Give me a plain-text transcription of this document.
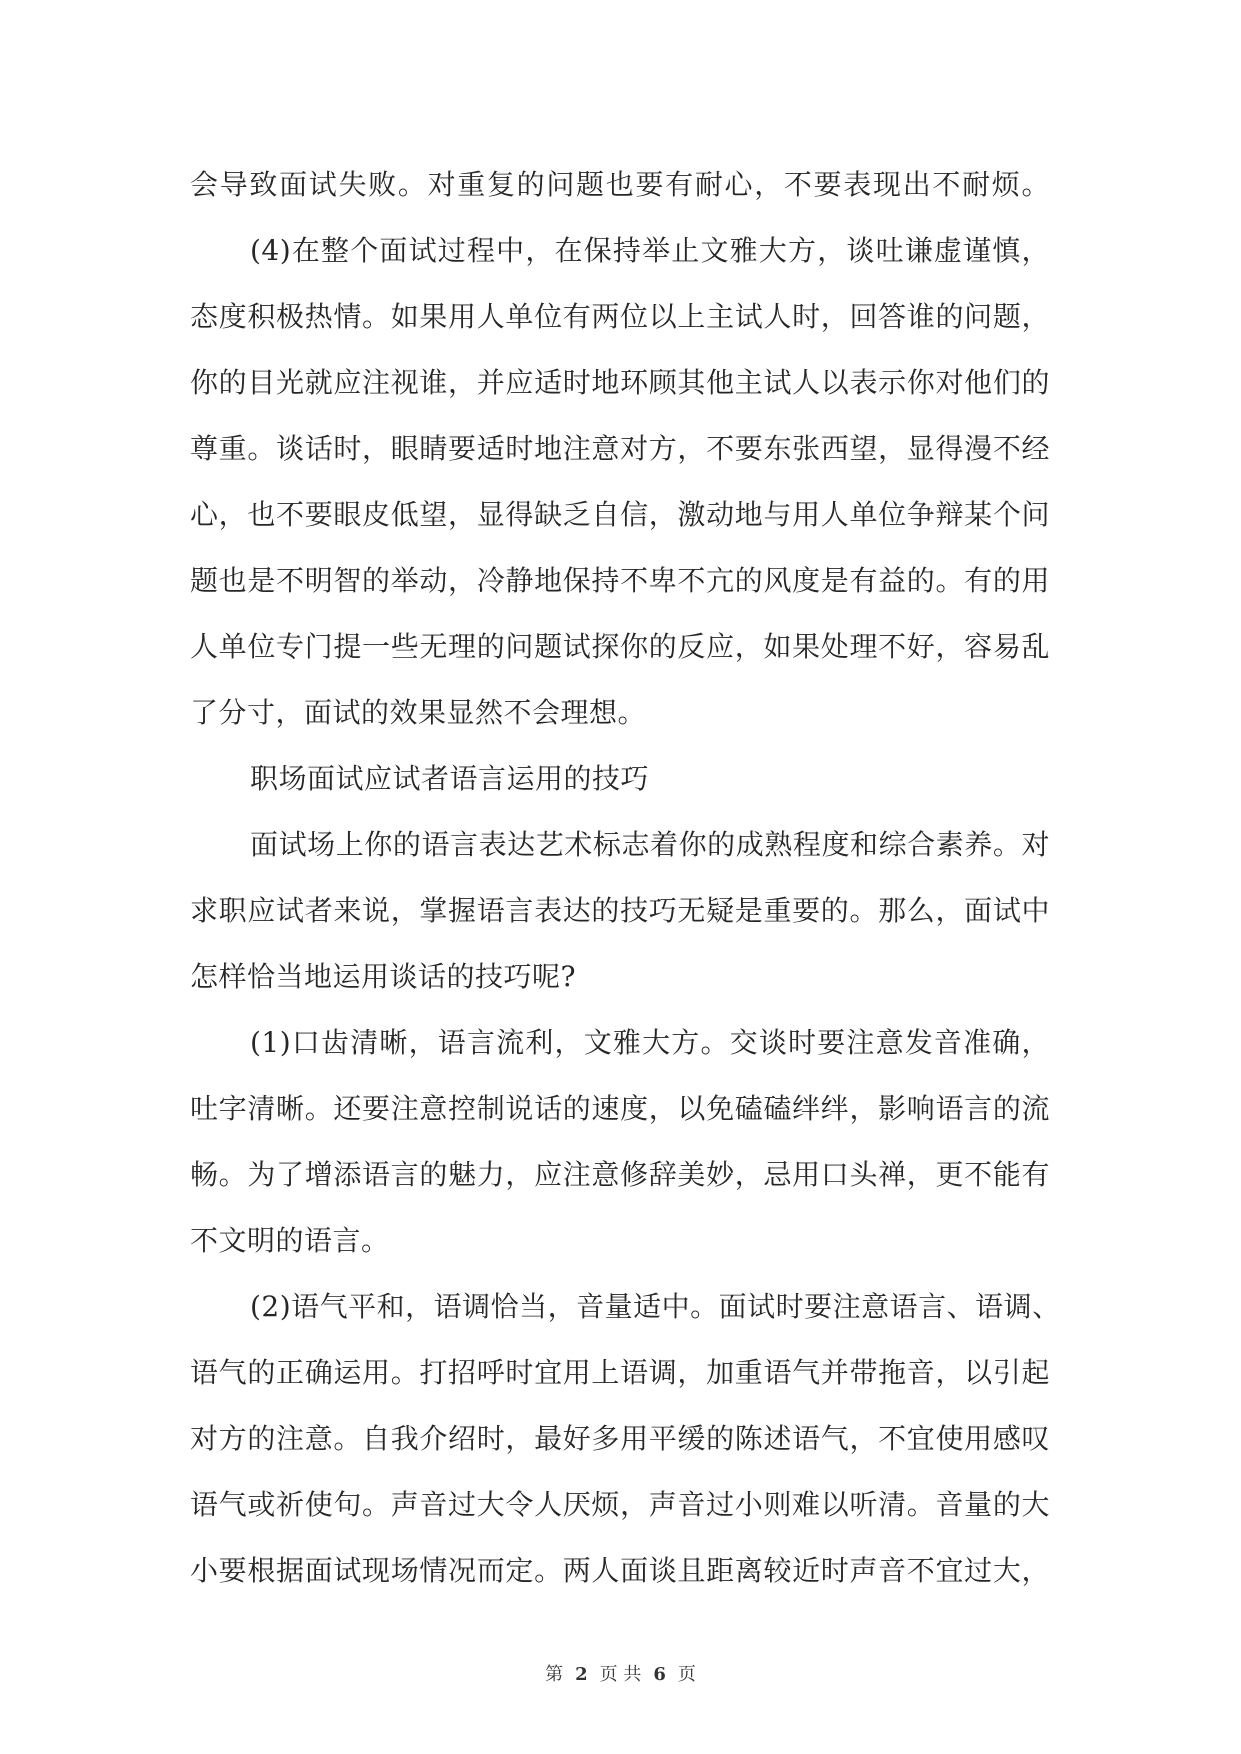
会导致面试失败。对重复的问题也要有耐心，不要表现出不耐烦。
(4)在整个面试过程中，在保持举止文雅大方，谈吐谦虚谨慎，
态度积极热情。如果用人单位有两位以上主试人时，回答谁的问题，
你的目光就应注视谁，并应适时地环顾其他主试人以表示你对他们的
尊重。谈话时，眼睛要适时地注意对方，不要东张西望，显得漫不经
心，也不要眼皮低望，显得缺乏自信，激动地与用人单位争辩某个问
题也是不明智的举动，冷静地保持不卑不亢的风度是有益的。有的用
人单位专门提一些无理的问题试探你的反应，如果处理不好，容易乱
了分寸，面试的效果显然不会理想。
职场面试应试者语言运用的技巧
面试场上你的语言表达艺术标志着你的成熟程度和综合素养。对
求职应试者来说，掌握语言表达的技巧无疑是重要的。那么，面试中
怎样恰当地运用谈话的技巧呢?
(1)口齿清晰，语言流利，文雅大方。交谈时要注意发音准确，
吐字清晰。还要注意控制说话的速度，以免磕磕绊绊，影响语言的流
畅。为了增添语言的魅力，应注意修辞美妙，忌用口头禅，更不能有
不文明的语言。
(2)语气平和，语调恰当，音量适中。面试时要注意语言、语调、
语气的正确运用。打招呼时宜用上语调，加重语气并带拖音，以引起
对方的注意。自我介绍时，最好多用平缓的陈述语气，不宜使用感叹
语气或祈使句。声音过大令人厌烦，声音过小则难以听清。音量的大
小要根据面试现场情况而定。两人面谈且距离较近时声音不宜过大，
第 2 页 共 6 页
